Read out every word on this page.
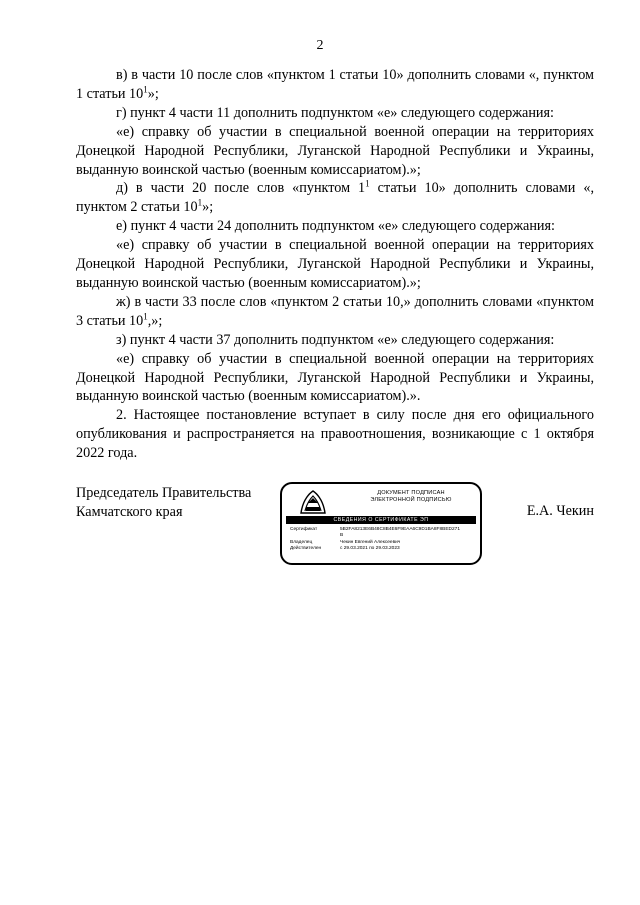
2

в) в части 10 после слов «пунктом 1 статьи 10» дополнить словами «, пунктом 1 статьи $10^1$»;

г) пункт 4 части 11 дополнить подпунктом «е» следующего содержания:

«е) справку об участии в специальной военной операции на территориях Донецкой Народной Республики, Луганской Народной Республики и Украины, выданную воинской частью (военным комиссариатом).»;

д) в части 20 после слов «пунктом $1^1$ статьи 10» дополнить словами «, пунктом 2 статьи $10^1$»;

е) пункт 4 части 24 дополнить подпунктом «е» следующего содержания:

«е) справку об участии в специальной военной операции на территориях Донецкой Народной Республики, Луганской Народной Республики и Украины, выданную воинской частью (военным комиссариатом).»;

ж) в части 33 после слов «пунктом 2 статьи 10,» дополнить словами «пунктом 3 статьи $10^1$,»;

з) пункт 4 части 37 дополнить подпунктом «е» следующего содержания:

«е) справку об участии в специальной военной операции на территориях Донецкой Народной Республики, Луганской Народной Республики и Украины, выданную воинской частью (военным комиссариатом).».

2. Настоящее постановление вступает в силу после дня его официального опубликования и распространяется на правоотношения, возникающие с 1 октября 2022 года.

Председатель Правительства
Камчатского края
ДОКУМЕНТ ПОДПИСАН
ЭЛЕКТРОННОЙ ПОДПИСЬЮ
СВЕДЕНИЯ О СЕРТИФИКАТЕ ЭП
Сертификат	5B2FA8213E6B48C8B4E6F9EAA6C9D1BA8F8BED271
B
Владелец	Чекин Евгений Алексеевич
Действителен	с 29.03.2021 по 29.03.2023
Е.А. Чекин
